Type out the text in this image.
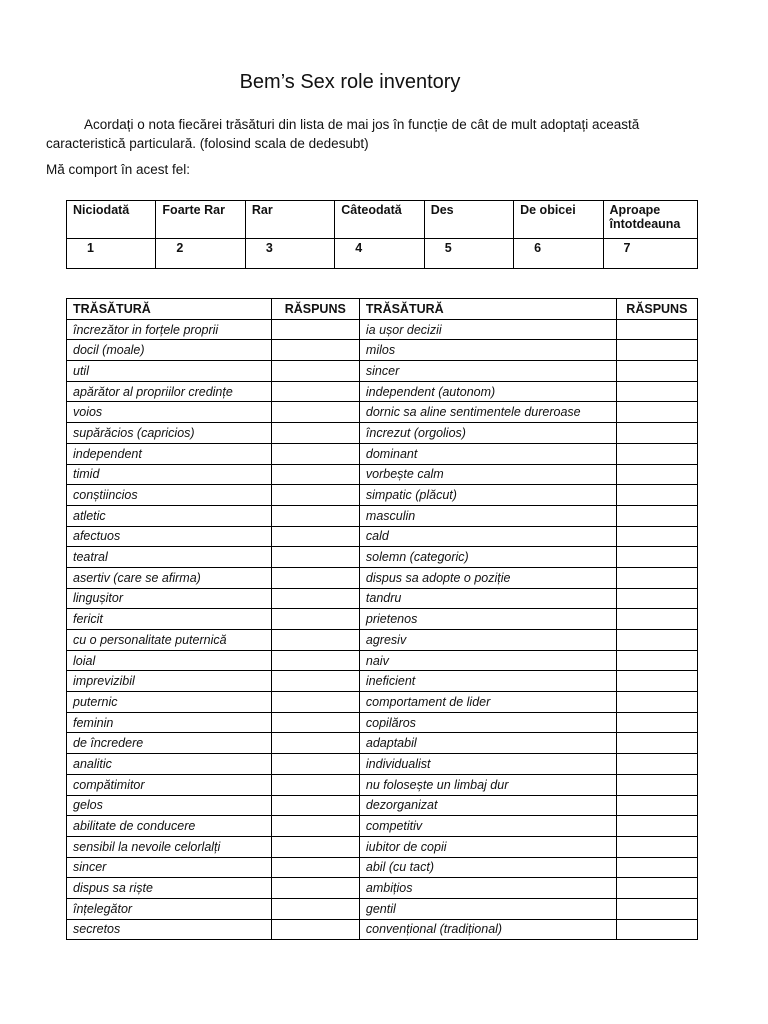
Bem’s Sex role inventory
Acordați o nota fiecărei trăsături din lista de mai jos în funcție de cât de mult adoptați această caracteristică particulară. (folosind scala de dedesubt)
Mă comport în acest fel:
Niciodată	Foarte Rar	Rar	Câteodată	Des	De obicei	Aproape întotdeauna
1	2	3	4	5	6	7
TRĂSĂTURĂ	RĂSPUNS	TRĂSĂTURĂ	RĂSPUNS
încrezător in forțele proprii		ia ușor decizii	
docil (moale)		milos	
util		sincer	
apărător al propriilor credințe		independent (autonom)	
voios		dornic sa aline sentimentele dureroase	
supărăcios (capricios)		încrezut (orgolios)	
independent		dominant	
timid		vorbește calm	
conștiincios		simpatic (plăcut)	
atletic		masculin	
afectuos		cald	
teatral		solemn (categoric)	
asertiv (care se afirma)		dispus sa adopte o poziție	
lingușitor		tandru	
fericit		prietenos	
cu o personalitate puternică		agresiv	
loial		naiv	
imprevizibil		ineficient	
puternic		comportament de lider	
feminin		copilăros	
de încredere		adaptabil	
analitic		individualist	
compătimitor		nu folosește un limbaj dur	
gelos		dezorganizat	
abilitate de conducere		competitiv	
sensibil la nevoile celorlalți		iubitor de copii	
sincer		abil (cu tact)	
dispus sa riște		ambițios	
înțelegător		gentil	
secretos		convențional (tradițional)	
